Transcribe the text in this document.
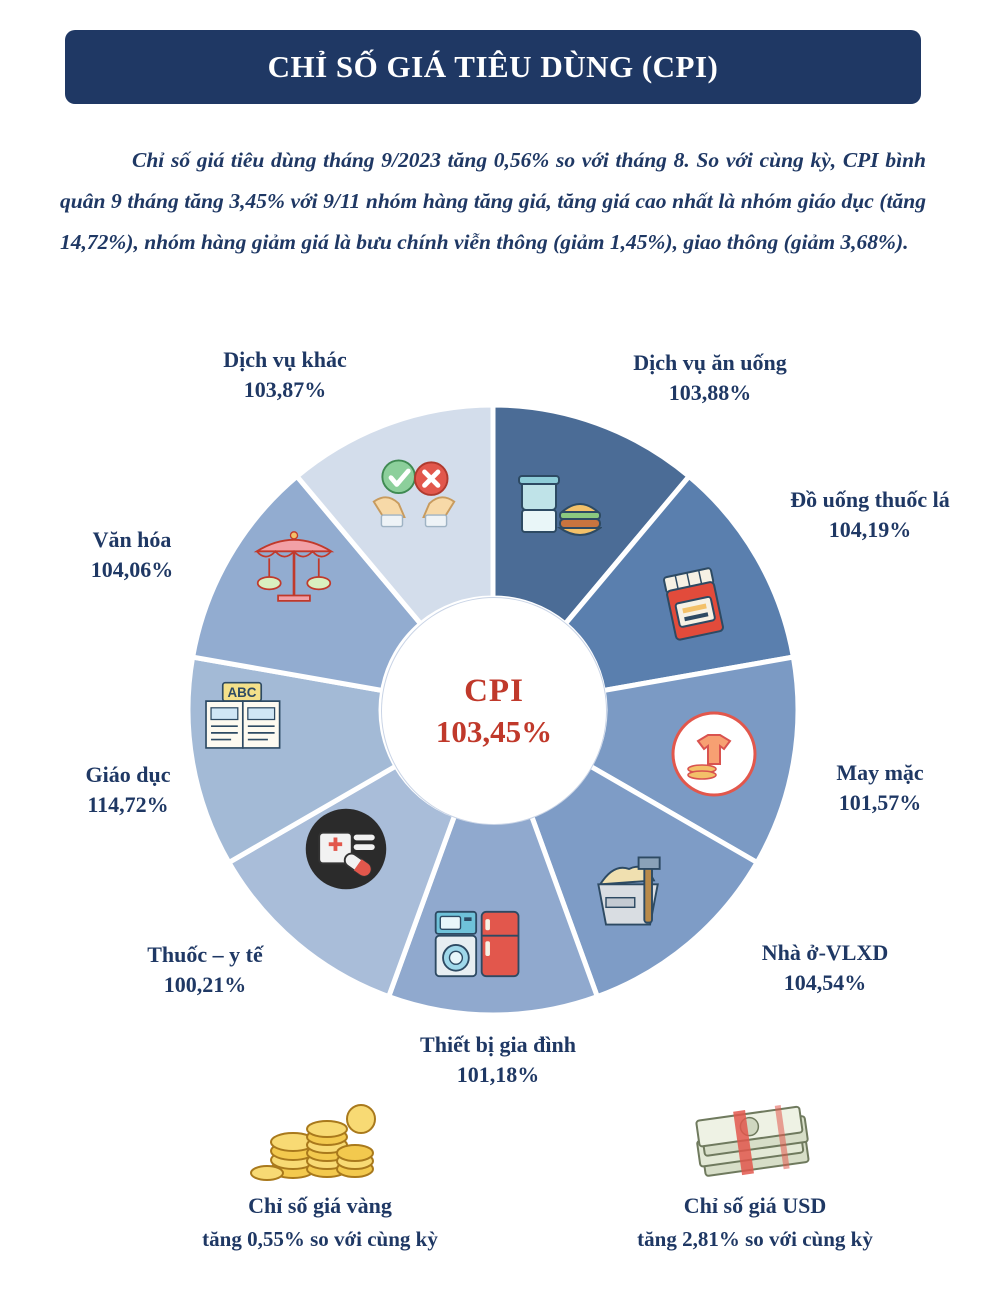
CHỈ SỐ GIÁ TIÊU DÙNG (CPI)
Chỉ số giá tiêu dùng tháng 9/2023 tăng 0,56% so với tháng 8. So với cùng kỳ, CPI bình quân 9 tháng tăng 3,45% với 9/11 nhóm hàng tăng giá, tăng giá cao nhất là nhóm giáo dục (tăng 14,72%), nhóm hàng giảm giá là bưu chính viễn thông (giảm 1,45%), giao thông (giảm 3,68%).
CPI
103,45%
ABC
Dịch vụ ăn uống
103,88%
Đồ uống thuốc lá
104,19%
May mặc
101,57%
Nhà ở-VLXD
104,54%
Thiết bị gia đình
101,18%
Thuốc – y tế
100,21%
Giáo dục
114,72%
Văn hóa
104,06%
Dịch vụ khác
103,87%
Chỉ số giá vàng
tăng 0,55% so với cùng kỳ
Chỉ số giá USD
tăng 2,81% so với cùng kỳ
